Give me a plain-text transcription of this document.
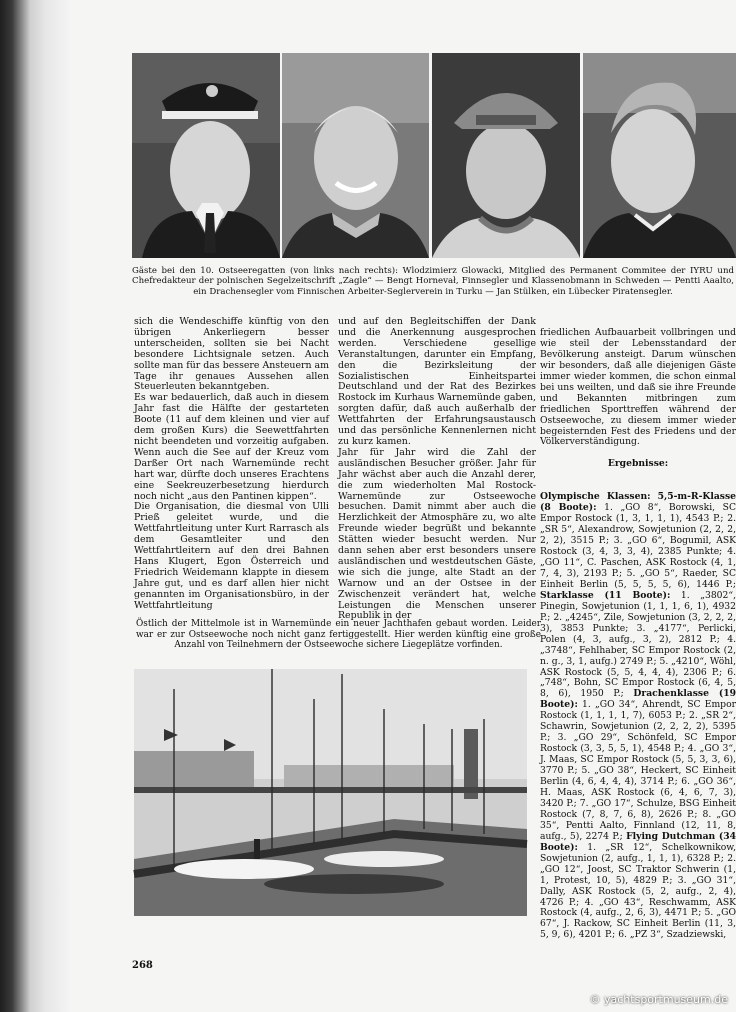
Gäste bei den 10. Ostseeregatten (von links nach rechts): Wlodzimierz Glowacki, Mitglied des Permanent Commitee der IYRU und Chefredakteur der polnischen Segelzeitschrift „Zagle“ — Bengt Hornevał, Finnsegler und Klassenobmann in Schweden — Pentti Aaalto, ein Drachensegler vom Finnischen Arbeiter-Seglerverein in Turku — Jan Stülken, ein Lübecker Piratensegler.
sich die Wendeschiffe künftig von den übrigen Ankerliegern besser unterscheiden, sollten sie bei Nacht besondere Lichtsignale setzen. Auch sollte man für das bessere Ansteuern am Tage ihr genaues Aussehen allen Steuerleuten bekanntgeben.
Es war bedauerlich, daß auch in diesem Jahr fast die Hälfte der gestarteten Boote (11 auf dem kleinen und vier auf dem großen Kurs) die Seewettfahrten nicht beendeten und vorzeitig aufgaben. Wenn auch die See auf der Kreuz vom Darßer Ort nach Warnemünde recht hart war, dürfte doch unseres Erachtens eine Seekreuzerbesetzung hierdurch noch nicht „aus den Pantinen kippen“.
Die Organisation, die diesmal von Ulli Prieß geleitet wurde, und die Wettfahrtleitung unter Kurt Rarrasch als dem Gesamtleiter und den Wettfahrtleitern auf den drei Bahnen Hans Klugert, Egon Österreich und Friedrich Weidemann klappte in diesem Jahre gut, und es darf allen hier nicht genannten im Organisationsbüro, in der Wettfahrtleitung
und auf den Begleitschiffen der Dank und die Anerkennung ausgesprochen werden. Verschiedene gesellige Veranstaltungen, darunter ein Empfang, den die Bezirksleitung der Sozialistischen Einheitspartei Deutschland und der Rat des Bezirkes Rostock im Kurhaus Warnemünde gaben, sorgten dafür, daß auch außerhalb der Wettfahrten der Erfahrungsaustausch und das persönliche Kennenlernen nicht zu kurz kamen.
Jahr für Jahr wird die Zahl der ausländischen Besucher größer. Jahr für Jahr wächst aber auch die Anzahl derer, die zum wiederholten Mal Rostock-Warnemünde zur Ostseewoche besuchen. Damit nimmt aber auch die Herzlichkeit der Atmosphäre zu, wo alte Freunde wieder begrüßt und bekannte Stätten wieder besucht werden. Nur dann sehen aber erst besonders unsere ausländischen und westdeutschen Gäste, wie sich die junge, alte Stadt an der Warnow und an der Ostsee in der Zwischenzeit verändert hat, welche Leistungen die Menschen unserer Republik in der

friedlichen Aufbauarbeit vollbringen und wie steil der Lebensstandard der Bevölkerung ansteigt. Darum wünschen wir besonders, daß alle diejenigen Gäste immer wieder kommen, die schon einmal bei uns weilten, und daß sie ihre Freunde und Bekannten mitbringen zum friedlichen Sporttreffen während der Ostseewoche, zu diesem immer wieder begeisternden Fest des Friedens und der Völkerverständigung.

Ergebnisse:

Olympische Klassen: 5,5-m-R-Klasse (8 Boote): 1. „GO 8“, Borowski, SC Empor Rostock (1, 3, 1, 1, 1), 4543 P.; 2. „SR 5“, Alexandrow, Sowjetunion (2, 2, 2, 2, 2), 3515 P.; 3. „GO 6“, Bogumil, ASK Rostock (3, 4, 3, 3, 4), 2385 Punkte; 4. „GO 11“, C. Paschen, ASK Rostock (4, 1, 7, 4, 3), 2193 P.; 5. „GO 5“, Raeder, SC Einheit Berlin (5, 5, 5, 5, 6), 1446 P.; Starklasse (11 Boote): 1. „3802“, Pinegin, Sowjetunion (1, 1, 1, 6, 1), 4932 P.; 2. „4245“, Zile, Sowjetunion (3, 2, 2, 2, 3), 3853 Punkte; 3. „4177“, Perlicki, Polen (4, 3, aufg., 3, 2), 2812 P.; 4. „3748“, Fehlhaber, SC Empor Rostock (2, n. g., 3, 1, aufg.) 2749 P.; 5. „4210“, Wöhl, ASK Rostock (5, 5, 4, 4, 4), 2306 P.; 6. „748“, Bohn, SC Empor Rostock (6, 4, 5, 8, 6), 1950 P.; Drachenklasse (19 Boote): 1. „GO 34“, Ahrendt, SC Empor Rostock (1, 1, 1, 1, 7), 6053 P.; 2. „SR 2“, Schawrin, Sowjetunion (2, 2, 2, 2), 5395 P.; 3. „GO 29“, Schönfeld, SC Empor Rostock (3, 3, 5, 5, 1), 4548 P.; 4. „GO 3“, J. Maas, SC Empor Rostock (5, 5, 3, 3, 6), 3770 P.; 5. „GO 38“, Heckert, SC Einheit Berlin (4, 6, 4, 4, 4), 3714 P.; 6. „GO 36“, H. Maas, ASK Rostock (6, 4, 6, 7, 3), 3420 P.; 7. „GO 17“, Schulze, BSG Einheit Rostock (7, 8, 7, 6, 8), 2626 P.; 8. „GO 35“, Pentti Aalto, Finnland (12, 11, 8, aufg., 5), 2274 P.; Flying Dutchman (34 Boote): 1. „SR 12“, Schelkownikow, Sowjetunion (2, aufg., 1, 1, 1), 6328 P.; 2. „GO 12“, Joost, SC Traktor Schwerin (1, 1, Protest, 10, 5), 4829 P.; 3. „GO 31“, Dally, ASK Rostock (5, 2, aufg., 2, 4), 4726 P.; 4. „GO 43“, Reschwamm, ASK Rostock (4, aufg., 2, 6, 3), 4471 P.; 5. „GO 67“, J. Rackow, SC Einheit Berlin (11, 3, 5, 9, 6), 4201 P.; 6. „PZ 3“, Szadziewski,

Östlich der Mittelmole ist in Warnemünde ein neuer Jachthafen gebaut worden. Leider war er zur Ostseewoche noch nicht ganz fertiggestellt. Hier werden künftig eine große Anzahl von Teilnehmern der Ostseewoche sichere Liegeplätze vorfinden.
268
© yachtsportmuseum.de
